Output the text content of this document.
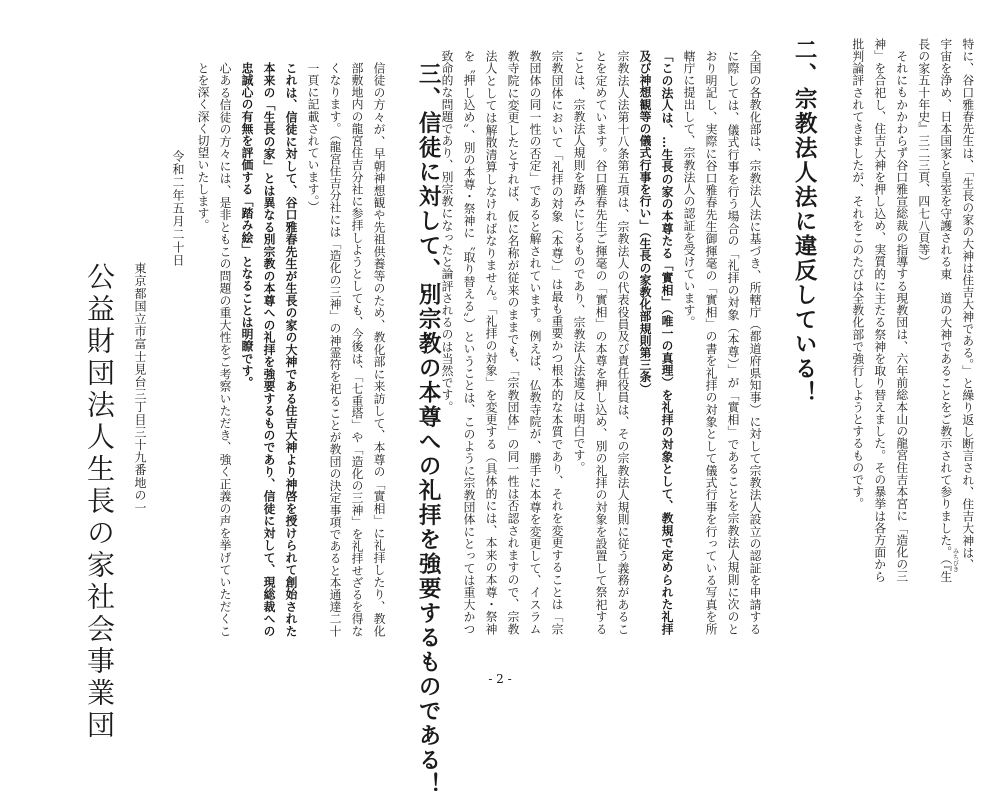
特に、谷口雅春先生は、「生長の家の大神は住吉大神である。」と繰り返し断言され、住吉大神は、
宇宙を浄め、日本国家と皇室を守護される東　道の大神であることをご教示されて参りました。（『生
長の家五十年史』三二三頁、四七八頁等）
それにもかかわらず谷口雅宣総裁の指導する現教団は、六年前総本山の龍宮住吉本宮に「造化の三
神」を合祀し、住吉大神を押し込め、実質的に主たる祭神を取り替えました。その暴挙は各方面から
批判論評されてきましたが、それをこのたびは全教化部で強行しようとするものです。
みちびき
二、宗教法人法に違反している！
全国の各教化部は、宗教法人法に基づき、所轄庁（都道府県知事）に対して宗教法人設立の認証を申請するに際しては、儀式行事を行う場合の「礼拝の対象（本尊）」が「實相」であることを宗教法人規則に次のとおり明記し、実際に谷口雅春先生御揮毫の「實相」の書を礼拝の対象として儀式行事を行っている写真を所轄庁に提出して、宗教法人の認証を受けています。
「この法人は、…生長の家の本尊たる「實相」（唯一の真理）を礼拝の対象として、教規で定められた礼拝及び神想観等の儀式行事を行い」（生長の家教化部規則第三条）
宗教法人法第十八条第五項は、宗教法人の代表役員及び責任役員は、その宗教法人規則に従う義務があることを定めています。谷口雅春先生ご揮毫の「實相」の本尊を押し込め、別の礼拝の対象を設置して祭祀することは、宗教法人規則を踏みにじるものであり、宗教法人法違反は明白です。
宗教団体において「礼拝の対象（本尊）」は最も重要かつ根本的な本質であり、それを変更することは「宗教団体の同一性の否定」であると解されています。例えば、仏教寺院が、勝手に本尊を変更して、イスラム教寺院に変更したとすれば、仮に名称が従来のままでも、「宗教団体」の同一性は否認されますので、宗教法人としては解散清算しなければなりません。「礼拝の対象」を変更する（具体的には、本来の本尊・祭神を〝押し込め〟、別の本尊・祭神に〝取り替える〟）ということは、このように宗教団体にとっては重大かつ致命的な問題であり、別宗教になったと論評されるのは当然です。
三、信徒に対して、別宗教の本尊への礼拝を強要するものである！
信徒の方々が、早朝神想観や先祖供養等のため、教化部に来訪して、本尊の「實相」に礼拝したり、教化部敷地内の龍宮住吉分社に参拝しようとしても、今後は、「七重塔」や「造化の三神」を礼拝せざるを得なくなります。（龍宮住吉分社には「造化の三神」の神霊符を祀ることが教団の決定事項であると本通達二十一頁に記載されています。）
これは、信徒に対して、谷口雅春先生が生長の家の大神である住吉大神より神啓を授けられて創始された本来の「生長の家」とは異なる別宗教の本尊への礼拝を強要するものであり、信徒に対して、現総裁への忠誠心の有無を評価する「踏み絵」となることは明瞭です。
心ある信徒の方々には、是非ともこの問題の重大性をご考察いただき、強く正義の声を挙げていただくことを深く深く切望いたします。
令和二年五月二十日
東京都国立市富士見台三丁目三十九番地の一
公益財団法人生長の家社会事業団	- 2 -
